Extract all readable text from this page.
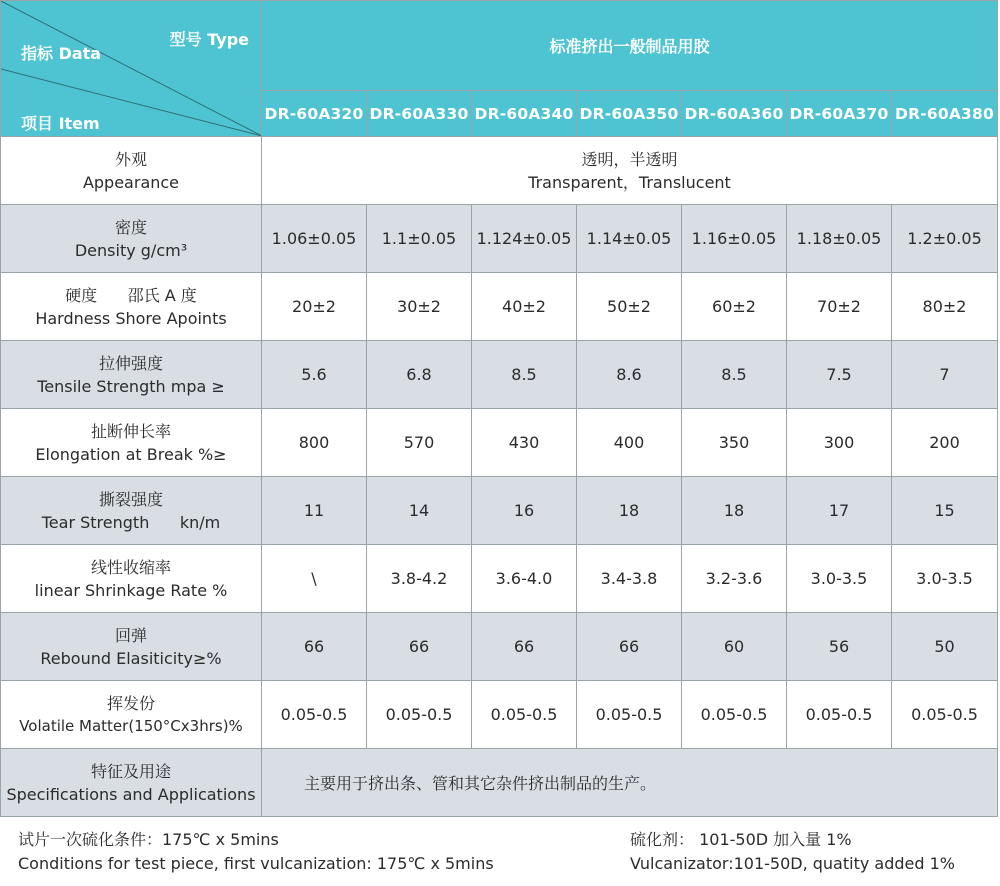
型号 Type
指标 Data
项目 Item	标准挤出一般制品用胶						
	DR-60A320	DR-60A330	DR-60A340	DR-60A350	DR-60A360	DR-60A370	DR-60A380

外观
Appearance	透明，半透明
Transparent，Translucent						

密度
Density g/cm³	1.06±0.05	1.1±0.05	1.124±0.05	1.14±0.05	1.16±0.05	1.18±0.05	1.2±0.05

硬度      邵氏 A 度
Hardness Shore Apoints	20±2	30±2	40±2	50±2	60±2	70±2	80±2

拉伸强度
Tensile Strength mpa ≥	5.6	6.8	8.5	8.6	8.5	7.5	7

扯断伸长率
Elongation at Break %≥	800	570	430	400	350	300	200

撕裂强度
Tear Strength      kn/m	11	14	16	18	18	17	15

线性收缩率
linear Shrinkage Rate %	\	3.8-4.2	3.6-4.0	3.4-3.8	3.2-3.6	3.0-3.5	3.0-3.5

回弹
Rebound Elasiticity≥%	66	66	66	66	60	56	50

挥发份
Volatile Matter(150°Cx3hrs)%	0.05-0.5	0.05-0.5	0.05-0.5	0.05-0.5	0.05-0.5	0.05-0.5	0.05-0.5

特征及用途
Specifications and Applications	主要用于挤出条、管和其它杂件挤出制品的生产。						
试片一次硫化条件：175℃ x 5mins
Conditions for test piece, first vulcanization: 175℃ x 5mins
硫化剂： 101-50D 加入量 1%
Vulcanizator:101-50D, quatity added 1%
